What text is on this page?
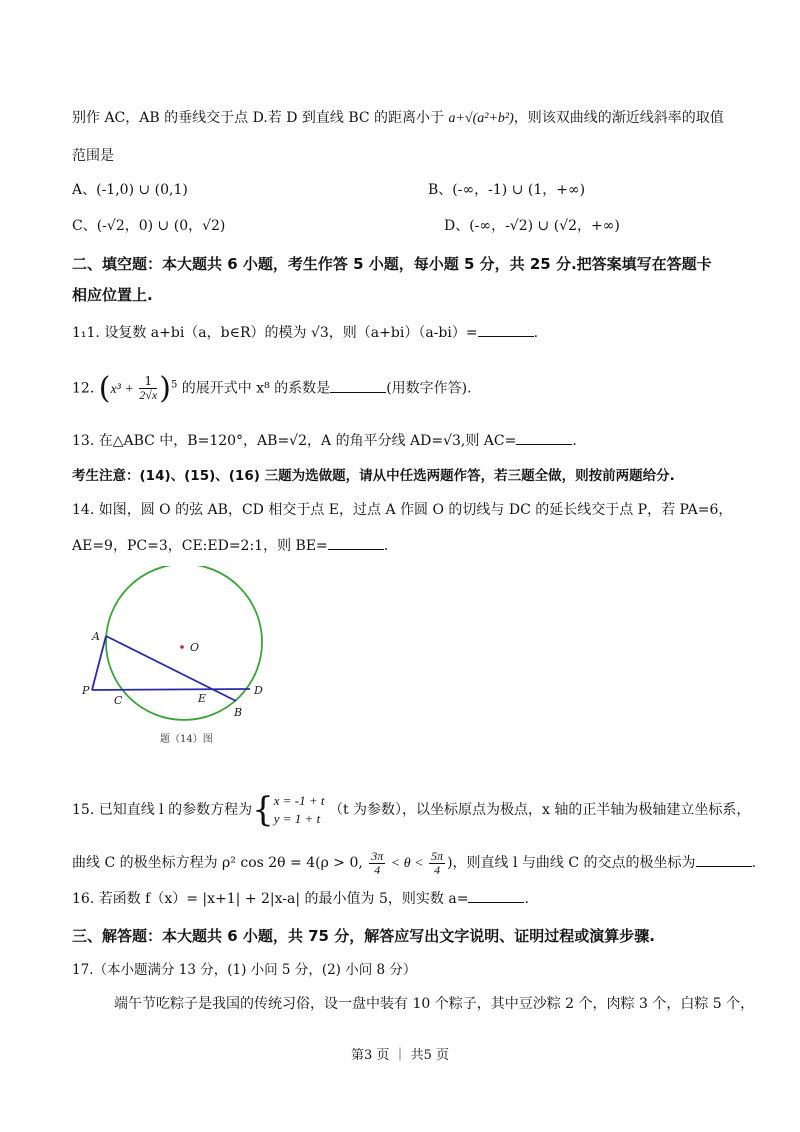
别作 AC，AB 的垂线交于点 D.若 D 到直线 BC 的距离小于 a+√(a²+b²)，则该双曲线的渐近线斜率的取值
范围是
A、(-1,0) ∪ (0,1)	B、(-∞，-1) ∪ (1，+∞)
C、(-√2，0) ∪ (0，√2)	D、(-∞，-√2) ∪ (√2，+∞)
二、填空题：本大题共 6 小题，考生作答 5 小题，每小题 5 分，共 25 分.把答案填写在答题卡
相应位置上.
1₁1. 设复数 a+bi（a，b∈R）的模为 √3，则（a+bi）（a-bi）=	.
12. $(x^3 + \frac{1}{2√x} )^5$ 的展开式中 x⁸ 的系数是	(用数字作答).
13. 在△ABC 中，B=120°，AB=√2，A 的角平分线 AD=√3,则 AC=	.
考生注意：(14)、(15)、(16) 三题为选做题，请从中任选两题作答，若三题全做，则按前两题给分.
14. 如图，圆 O 的弦 AB，CD 相交于点 E，过点 A 作圆 O 的切线与 DC 的延长线交于点 P，若 PA=6，
AE=9，PC=3，CE:ED=2:1，则 BE=	.
A
P
C	E
B
D
O
题（14）图
15. 已知直线 l 的参数方程为{ x = -1 + t
y = 1 + t
（t 为参数），以坐标原点为极点，x 轴的正半轴为极轴建立坐标系，
曲线 C 的极坐标方程为 ρ² cos 2θ = 4(ρ > 0, $\frac{3\pi}{4} < \theta < \frac{5\pi}{4}$ )，则直线 l 与曲线 C 的交点的极坐标为	.
16. 若函数 f（x）= |x+1| + 2|x-a| 的最小值为 5，则实数 a=	.
三、解答题：本大题共 6 小题，共 75 分，解答应写出文字说明、证明过程或演算步骤.
17.（本小题满分 13 分，(1) 小问 5 分，(2) 小问 8 分）
端午节吃粽子是我国的传统习俗，设一盘中装有 10 个粽子，其中豆沙粽 2 个，肉粽 3 个，白粽 5 个，
第3 页 ｜ 共5 页
